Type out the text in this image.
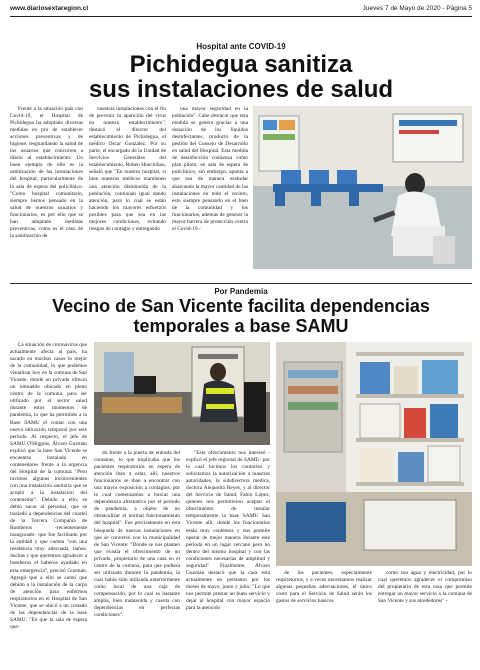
www.diariosextaregion.cl	Jueves 7 de Mayo de 2020 - Página 5
Hospital ante COVID-19
Pichidegua sanitiza
sus instalaciones de salud

Frente a la situación país con Covid-19, el Hospital de Pichidegua ha adoptado diversas medidas en pro de establecer acciones preventivas y de higiene, resguardando la salud de los usuarios que concurren a diario al establecimiento. Un buen ejemplo de ello es la sanitización de las instalaciones del hospital, particularmente de la sala de espera del policlínico. "Como hospital comunitario, siempre hemos pensado en la salud de nuestros usuarios y funcionarios, es por ello que se han adoptado medidas preventivas, como es el caso de la sanitización de

nuestras instalaciones con el fin de prevenir la aparición del virus en nuestro establecimiento", destacó el director del establecimiento de Pichidegua, el médico Oscar González. Por su parte, el encargado de la Unidad de Servicios Generales del establecimiento, Rubén Huechiñao, señaló que "En nuestro hospital, si bien nuestros médicos mantienen una atención disminuida de la población, continúan igual dando atención, para lo cual se están haciendo los mayores esfuerzos posibles para que sea en las mejores condiciones, evitando riesgos de contagio y entregando

una mayor seguridad en la población". Cabe destacar que esta medida se genera gracias a una donación de los líquidos desinfectantes, producto de la gestión del Consejo de Desarrollo en salud del Hospital. Esta medida de desinfección comienza como plan piloto, en sala de espera de policlínico, sin embargo, apunta a que sea de manera estándar abarcando la mayor cantidad de las instalaciones en todo el recinto, esto siempre pensando en el bien de la comunidad y los funcionarios, además de generar la mayor barrera de protección contra el Covid-19.-

Por Pandemia
Vecino de San Vicente facilita dependencias
temporales a base SAMU

La situación de coronavirus que actualmente afecta al país, ha sacado en muchos casos lo mejor de la comunidad, lo que podemos visualizar hoy en la comuna de San Vicente, donde un privado ofreció un inmueble ubicado en pleno centro de la comuna, para ser utilizado por el sector salud durante estos momentos de pandemia, lo que ha permitido a la Base SAMU el contar con una nueva ubicación temporal por este periodo. Al respecto, el jefe de SAMU O'Higgins, Álvaro Guzmán explicó que la base San Vicente se encuentra instalada en contenedores frente a la urgencia del Hospital de la comuna: "Pero tuvimos algunos inconvenientes con una instalación sanitaria que se acopló a la instalación del contenedor". Debido a ello, se debió sacar al personal, que se trasladó a dependencias del cuartel de la Tercera Compañía de Bomberos -recientemente inaugurado- que fue facilitado por la entidad y que cuenta "con una residencia muy adecuada, baños, duchas y que queremos agradecer a bomberos el haberos ayudado en esta emergencia", precisó Guzmán. Agregó que a ello se sumó que debido a la instalación de la carpa de atención para enfermos respiratorios en el Hospital de San Vicente, que se ubicó a un costado de las dependencias de la base SAMU: "En que la sala de espera que-

dó frente a la puerta de entrada del container, lo que implicaba que los pacientes respiratorios en espera de atención iban a estar, allí, nuestros funcionarios se iban a encontrar con una mayor exposición a contagios, por lo cual comenzamos a buscar una dependencia alternativa por el periodo de pandemia, a objeto de no obstaculizar el normal funcionamiento del hospital". Fue precisamente en esta búsqueda de nuevas instalaciones en que se conversó con la municipalidad de San Vicente: "Donde se nos planteó que existía el ofrecimiento de un privado, propietario de una casa en el centro de la comuna, para que pudiera ser utilizada durante la pandemia, la cual había sido utilizada anteriormente como local de una caja de compensación, por lo cual es bastante amplia, bien mantenida y cuenta con dependencias en perfectas condiciones".

"Este ofrecimiento nos interesó -explicó el jefe regional de SAMU- por lo cual hicimos los contactos y solicitamos la autorización a nuestras autoridades, la subdirectora médica, doctora Alejandra Reyes, y al director del Servicio de Salud, Fabio López, quienes nos permitieron aceptar el ofrecimiento de instalar temporalmente la base SAMU San Vicente allí, donde los funcionarios están muy contentos y nos permite operar de mejor manera durante este periodo en un lugar cercano pero no dentro del mismo hospital y con las condiciones necesarias de amplitud y seguridad". Finalmente, Álvaro Guzmán destacó que la casa está actualmente en préstamo por los meses de mayo, junio y julio: "Lo que nos permite prestar un buen servicio y dejar al hospital con mayor espacio para la atención

de los pacientes, especialmente respiratorios, y a veces necesitamos realizar algunas pequeñas adecuaciones, el único costo para el Servicio de Salud serán los gastos de servicios básicos

como son agua y electricidad, por lo cual queremos agradecer el compromiso del propietario de esta casa que permite entregar un mayor servicio a la comuna de San Vicente y sus alrededores".-
